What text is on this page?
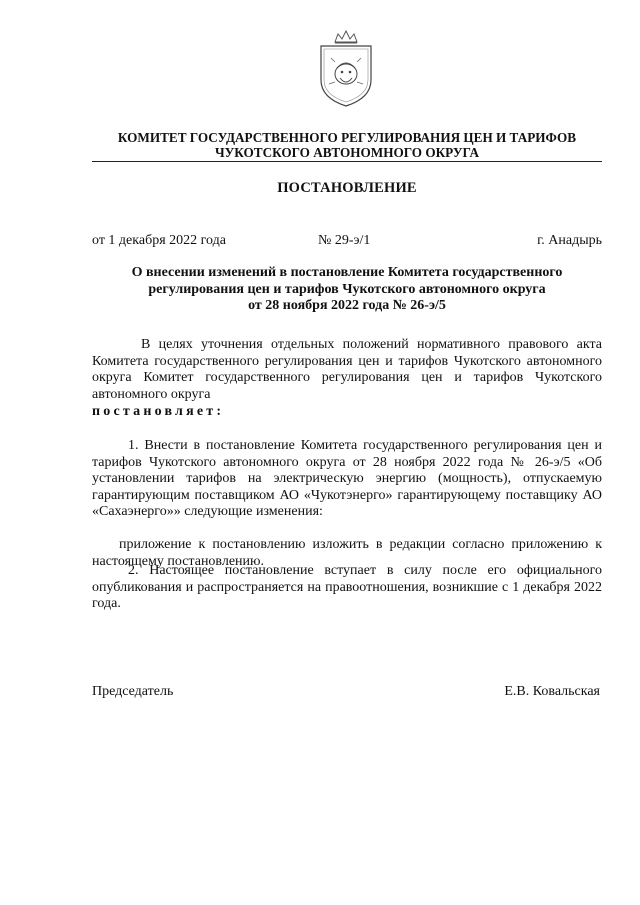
КОМИТЕТ ГОСУДАРСТВЕННОГО РЕГУЛИРОВАНИЯ ЦЕН И ТАРИФОВ
ЧУКОТСКОГО АВТОНОМНОГО ОКРУГА
ПОСТАНОВЛЕНИЕ
от 1 декабря 2022 года	№ 29-э/1	г. Анадырь
О внесении изменений в постановление Комитета государственного
регулирования цен и тарифов Чукотского автономного округа
от 28 ноября 2022 года № 26-э/5
В целях уточнения отдельных положений нормативного правового акта Комитета государственного регулирования цен и тарифов Чукотского автономного округа Комитет государственного регулирования цен и тарифов Чукотского автономного округа
постановляет:
1. Внести в постановление Комитета государственного регулирования цен и тарифов Чукотского автономного округа от 28 ноября 2022 года № 26-э/5 «Об установлении тарифов на электрическую энергию (мощность), отпускаемую гарантирующим поставщиком АО «Чукотэнерго» гарантирующему поставщику АО «Сахаэнерго»» следующие изменения:
приложение к постановлению изложить в редакции согласно приложению к настоящему постановлению.
2. Настоящее постановление вступает в силу после его официального опубликования и распространяется на правоотношения, возникшие с 1 декабря 2022 года.
Председатель	Е.В. Ковальская
